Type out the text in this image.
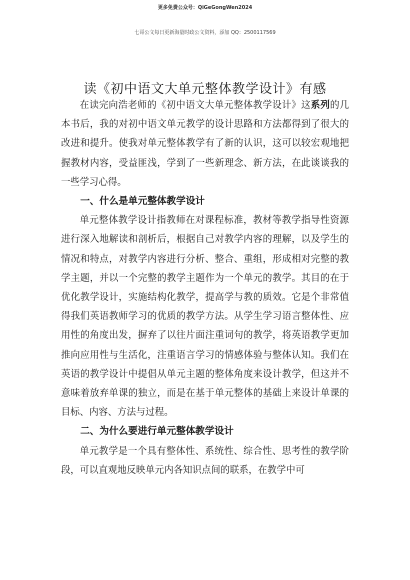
更多免费公众号：QiGeGongWen2024
七哥公文每日更新海量时政公文资料，添加 QQ：2500117569
读《初中语文大单元整体教学设计》有感

在读完向浩老师的《初中语文大单元整体教学设计》这系列的几本书后，我的对初中语文单元教学的设计思路和方法都得到了很大的改进和提升。使我对单元整体教学有了新的认识，这可以较宏观地把握教材内容，受益匪浅，学到了一些新理念、新方法，在此谈谈我的一些学习心得。

一、什么是单元整体教学设计

单元整体教学设计指教师在对课程标准，教材等教学指导性资源进行深入地解读和剖析后，根据自己对教学内容的理解，以及学生的情况和特点，对教学内容进行分析、整合、重组，形成相对完整的教学主题，并以一个完整的教学主题作为一个单元的教学。其目的在于优化教学设计，实施结构化教学，提高学与教的质效。它是个非常值得我们英语教师学习的优质的教学方法。从学生学习语言整体性、应用性的角度出发，摒弃了以往片面注重词句的教学，将英语教学更加推向应用性与生活化，注重语言学习的情感体验与整体认知。我们在英语的教学设计中提倡从单元主题的整体角度来设计教学，但这并不意味着放弃单课的独立，而是在基于单元整体的基础上来设计单课的目标、内容、方法与过程。

二、为什么要进行单元整体教学设计

单元教学是一个具有整体性、系统性、综合性、思考性的教学阶段，可以直观地反映单元内各知识点间的联系，在教学中可
